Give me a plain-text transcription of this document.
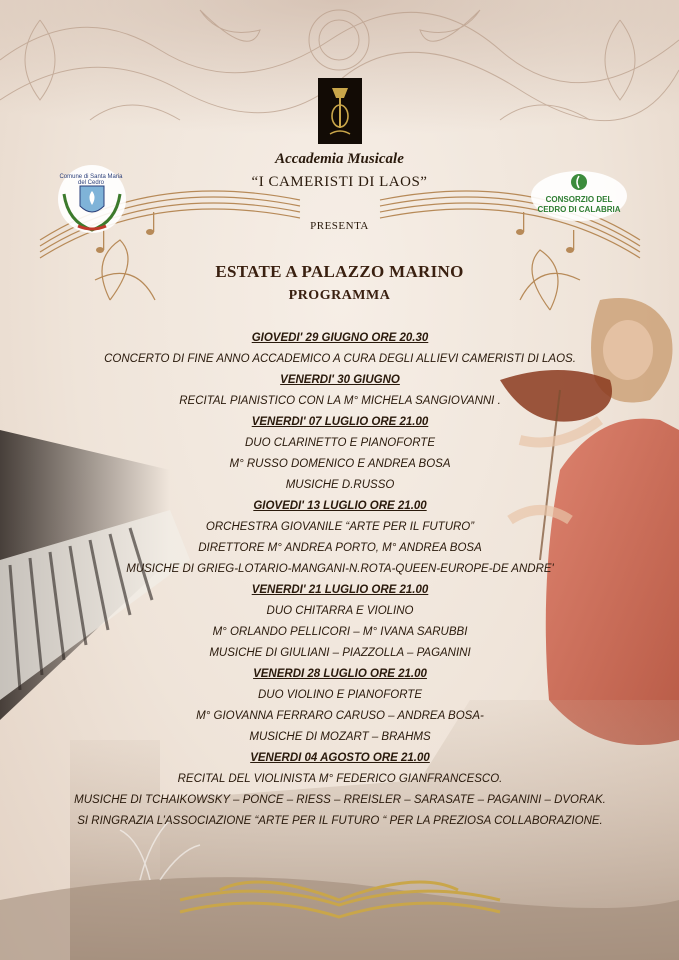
Accademia Musicale

“I CAMERISTI DI LAOS”

PRESENTA

Comune di Santa Maria del Cedro

CONSORZIO DEL

CEDRO DI CALABRIA

ESTATE A PALAZZO MARINO
PROGRAMMA
GIOVEDI' 29 GIUGNO ORE 20.30
CONCERTO DI FINE ANNO ACCADEMICO A CURA DEGLI ALLIEVI CAMERISTI DI LAOS.
VENERDI' 30 GIUGNO
RECITAL PIANISTICO CON LA M° MICHELA SANGIOVANNI .
VENERDI' 07 LUGLIO ORE 21.00
DUO CLARINETTO E PIANOFORTE
M° RUSSO DOMENICO E ANDREA BOSA
MUSICHE D.RUSSO
GIOVEDI' 13 LUGLIO ORE 21.00
ORCHESTRA GIOVANILE “ARTE PER IL FUTURO”
DIRETTORE M° ANDREA PORTO, M° ANDREA BOSA
MUSICHE DI GRIEG-LOTARIO-MANGANI-N.ROTA-QUEEN-EUROPE-DE ANDRE'
VENERDI' 21 LUGLIO ORE 21.00
DUO CHITARRA E VIOLINO
M° ORLANDO PELLICORI – M° IVANA SARUBBI
MUSICHE DI GIULIANI – PIAZZOLLA – PAGANINI
VENERDI 28 LUGLIO ORE 21.00
DUO VIOLINO E PIANOFORTE
M° GIOVANNA FERRARO CARUSO – ANDREA BOSA-
MUSICHE DI MOZART – BRAHMS
VENERDI 04 AGOSTO ORE 21.00
RECITAL DEL VIOLINISTA M° FEDERICO GIANFRANCESCO.
MUSICHE DI TCHAIKOWSKY – PONCE – RIESS – RREISLER – SARASATE – PAGANINI – DVORAK.
SI RINGRAZIA L’ASSOCIAZIONE “ARTE PER IL FUTURO “ PER LA PREZIOSA COLLABORAZIONE.
